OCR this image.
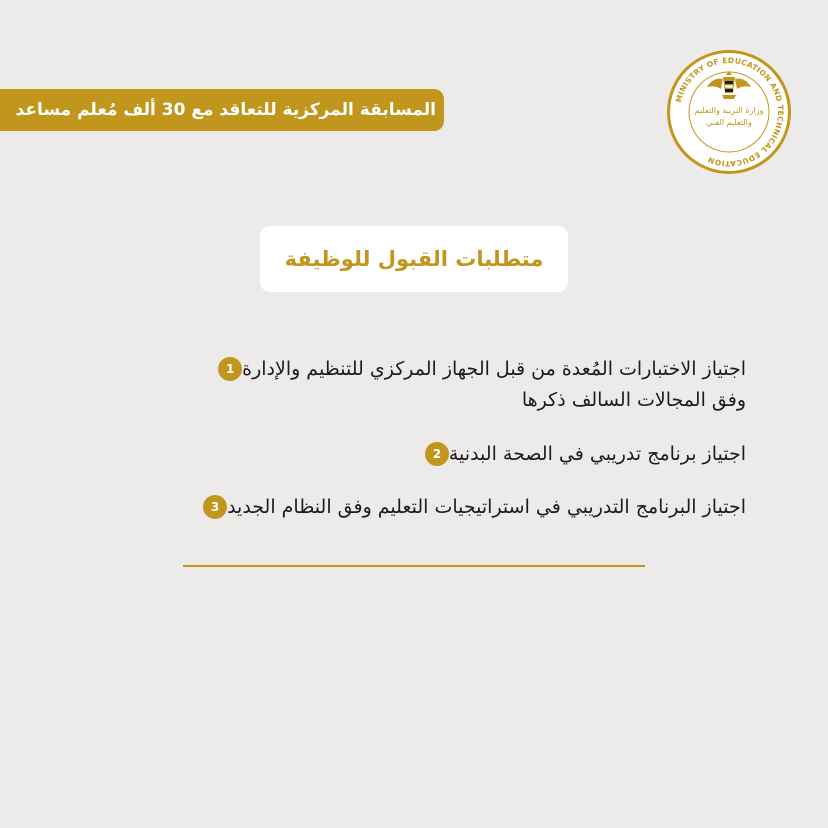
المسابقة المركزية للتعاقد مع 30 ألف مُعلم مساعد
MINISTRY OF EDUCATION AND TECHNICAL EDUCATION
وزارة التربية والتعليم
والتعليم الفني
متطلبات القبول للوظيفة
1 اجتياز الاختبارات المُعدة من قبل الجهاز المركزي للتنظيم والإدارة
وفق المجالات السالف ذكرها
2 اجتياز برنامج تدريبي في الصحة البدنية
3 اجتياز البرنامج التدريبي في استراتيجيات التعليم وفق النظام الجديد
